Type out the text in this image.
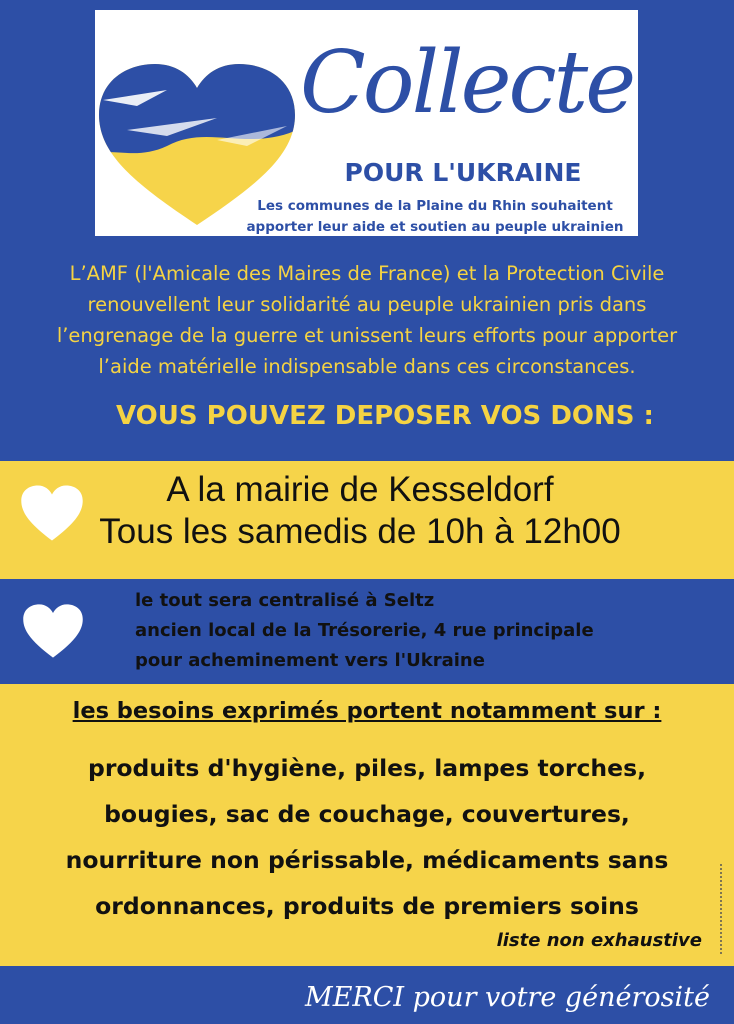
Collecte
POUR L'UKRAINE
Les communes de la Plaine du Rhin souhaitent
apporter leur aide et soutien au peuple ukrainien
L’AMF (l'Amicale des Maires de France) et la Protection Civile
renouvellent leur solidarité au peuple ukrainien pris dans
l’engrenage de la guerre et unissent leurs efforts pour apporter
l’aide matérielle indispensable dans ces circonstances.
VOUS POUVEZ DEPOSER VOS DONS :
A la mairie de Kesseldorf
Tous les samedis de 10h à 12h00
le tout sera centralisé à Seltz
ancien local de la Trésorerie, 4 rue principale
pour acheminement vers l'Ukraine
les besoins exprimés portent notamment sur :
produits d'hygiène, piles, lampes torches,
bougies, sac de couchage, couvertures,
nourriture non périssable, médicaments sans
ordonnances, produits de premiers soins
liste non exhaustive
MERCI pour votre générosité
